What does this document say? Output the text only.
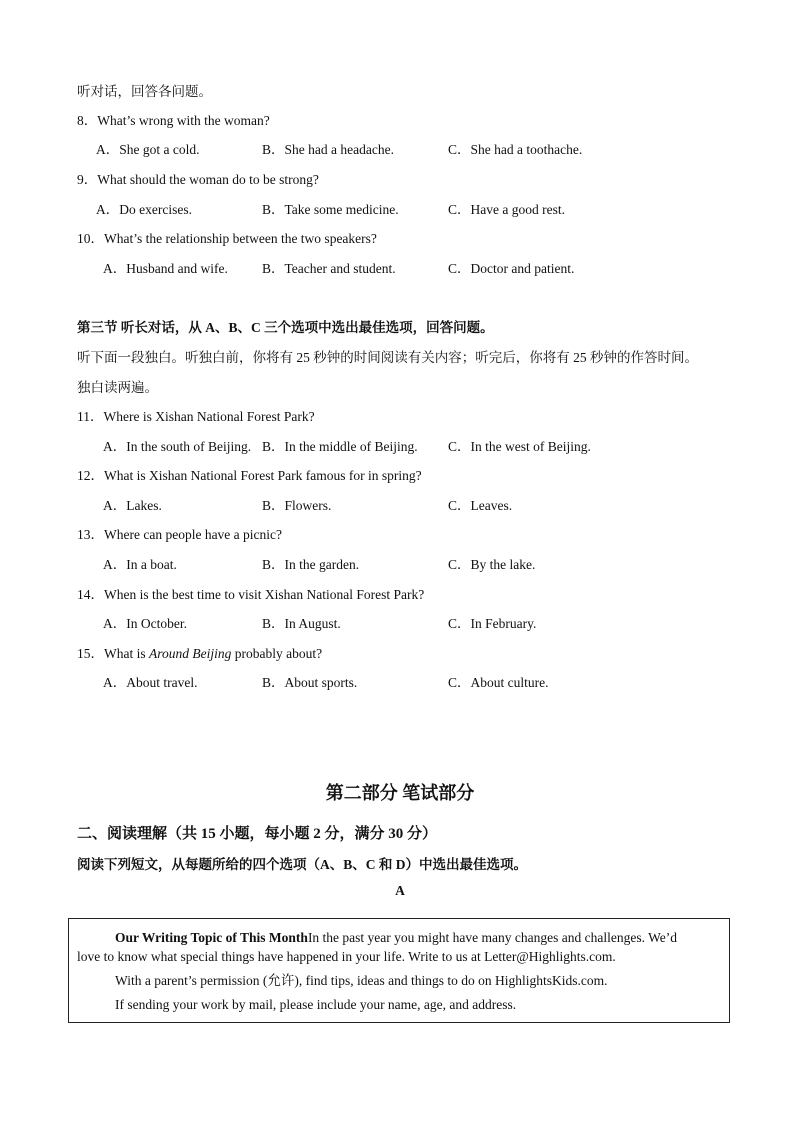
听对话，回答各问题。
8．What’s wrong with the woman?
A．She got a cold.	B．She had a headache.	C．She had a toothache.
9．What should the woman do to be strong?
A．Do exercises.	B．Take some medicine.	C．Have a good rest.
10．What’s the relationship between the two speakers?
A．Husband and wife.	B．Teacher and student.	C．Doctor and patient.
第三节 听长对话，从 A、B、C 三个选项中选出最佳选项，回答问题。
听下面一段独白。听独白前，你将有 25 秒钟的时间阅读有关内容；听完后，你将有 25 秒钟的作答时间。
独白读两遍。
11．Where is Xishan National Forest Park?
A．In the south of Beijing. B．In the middle of Beijing. C．In the west of Beijing.
12．What is Xishan National Forest Park famous for in spring?
A．Lakes.	B．Flowers.	C．Leaves.
13．Where can people have a picnic?
A．In a boat.	B．In the garden.	C．By the lake.
14．When is the best time to visit Xishan National Forest Park?
A．In October.	B．In August.	C．In February.
15．What is Around Beijing probably about?
A．About travel.	B．About sports.	C．About culture.
第二部分 笔试部分
二、阅读理解（共 15 小题，每小题 2 分，满分 30 分）
阅读下列短文，从每题所给的四个选项（A、B、C 和 D）中选出最佳选项。
A

Our Writing Topic of This MonthIn the past year you might have many changes and challenges. We’d

love to know what special things have happened in your life. Write to us at Letter@Highlights.com.

With a parent’s permission (允许), find tips, ideas and things to do on HighlightsKids.com.

If sending your work by mail, please include your name, age, and address.
